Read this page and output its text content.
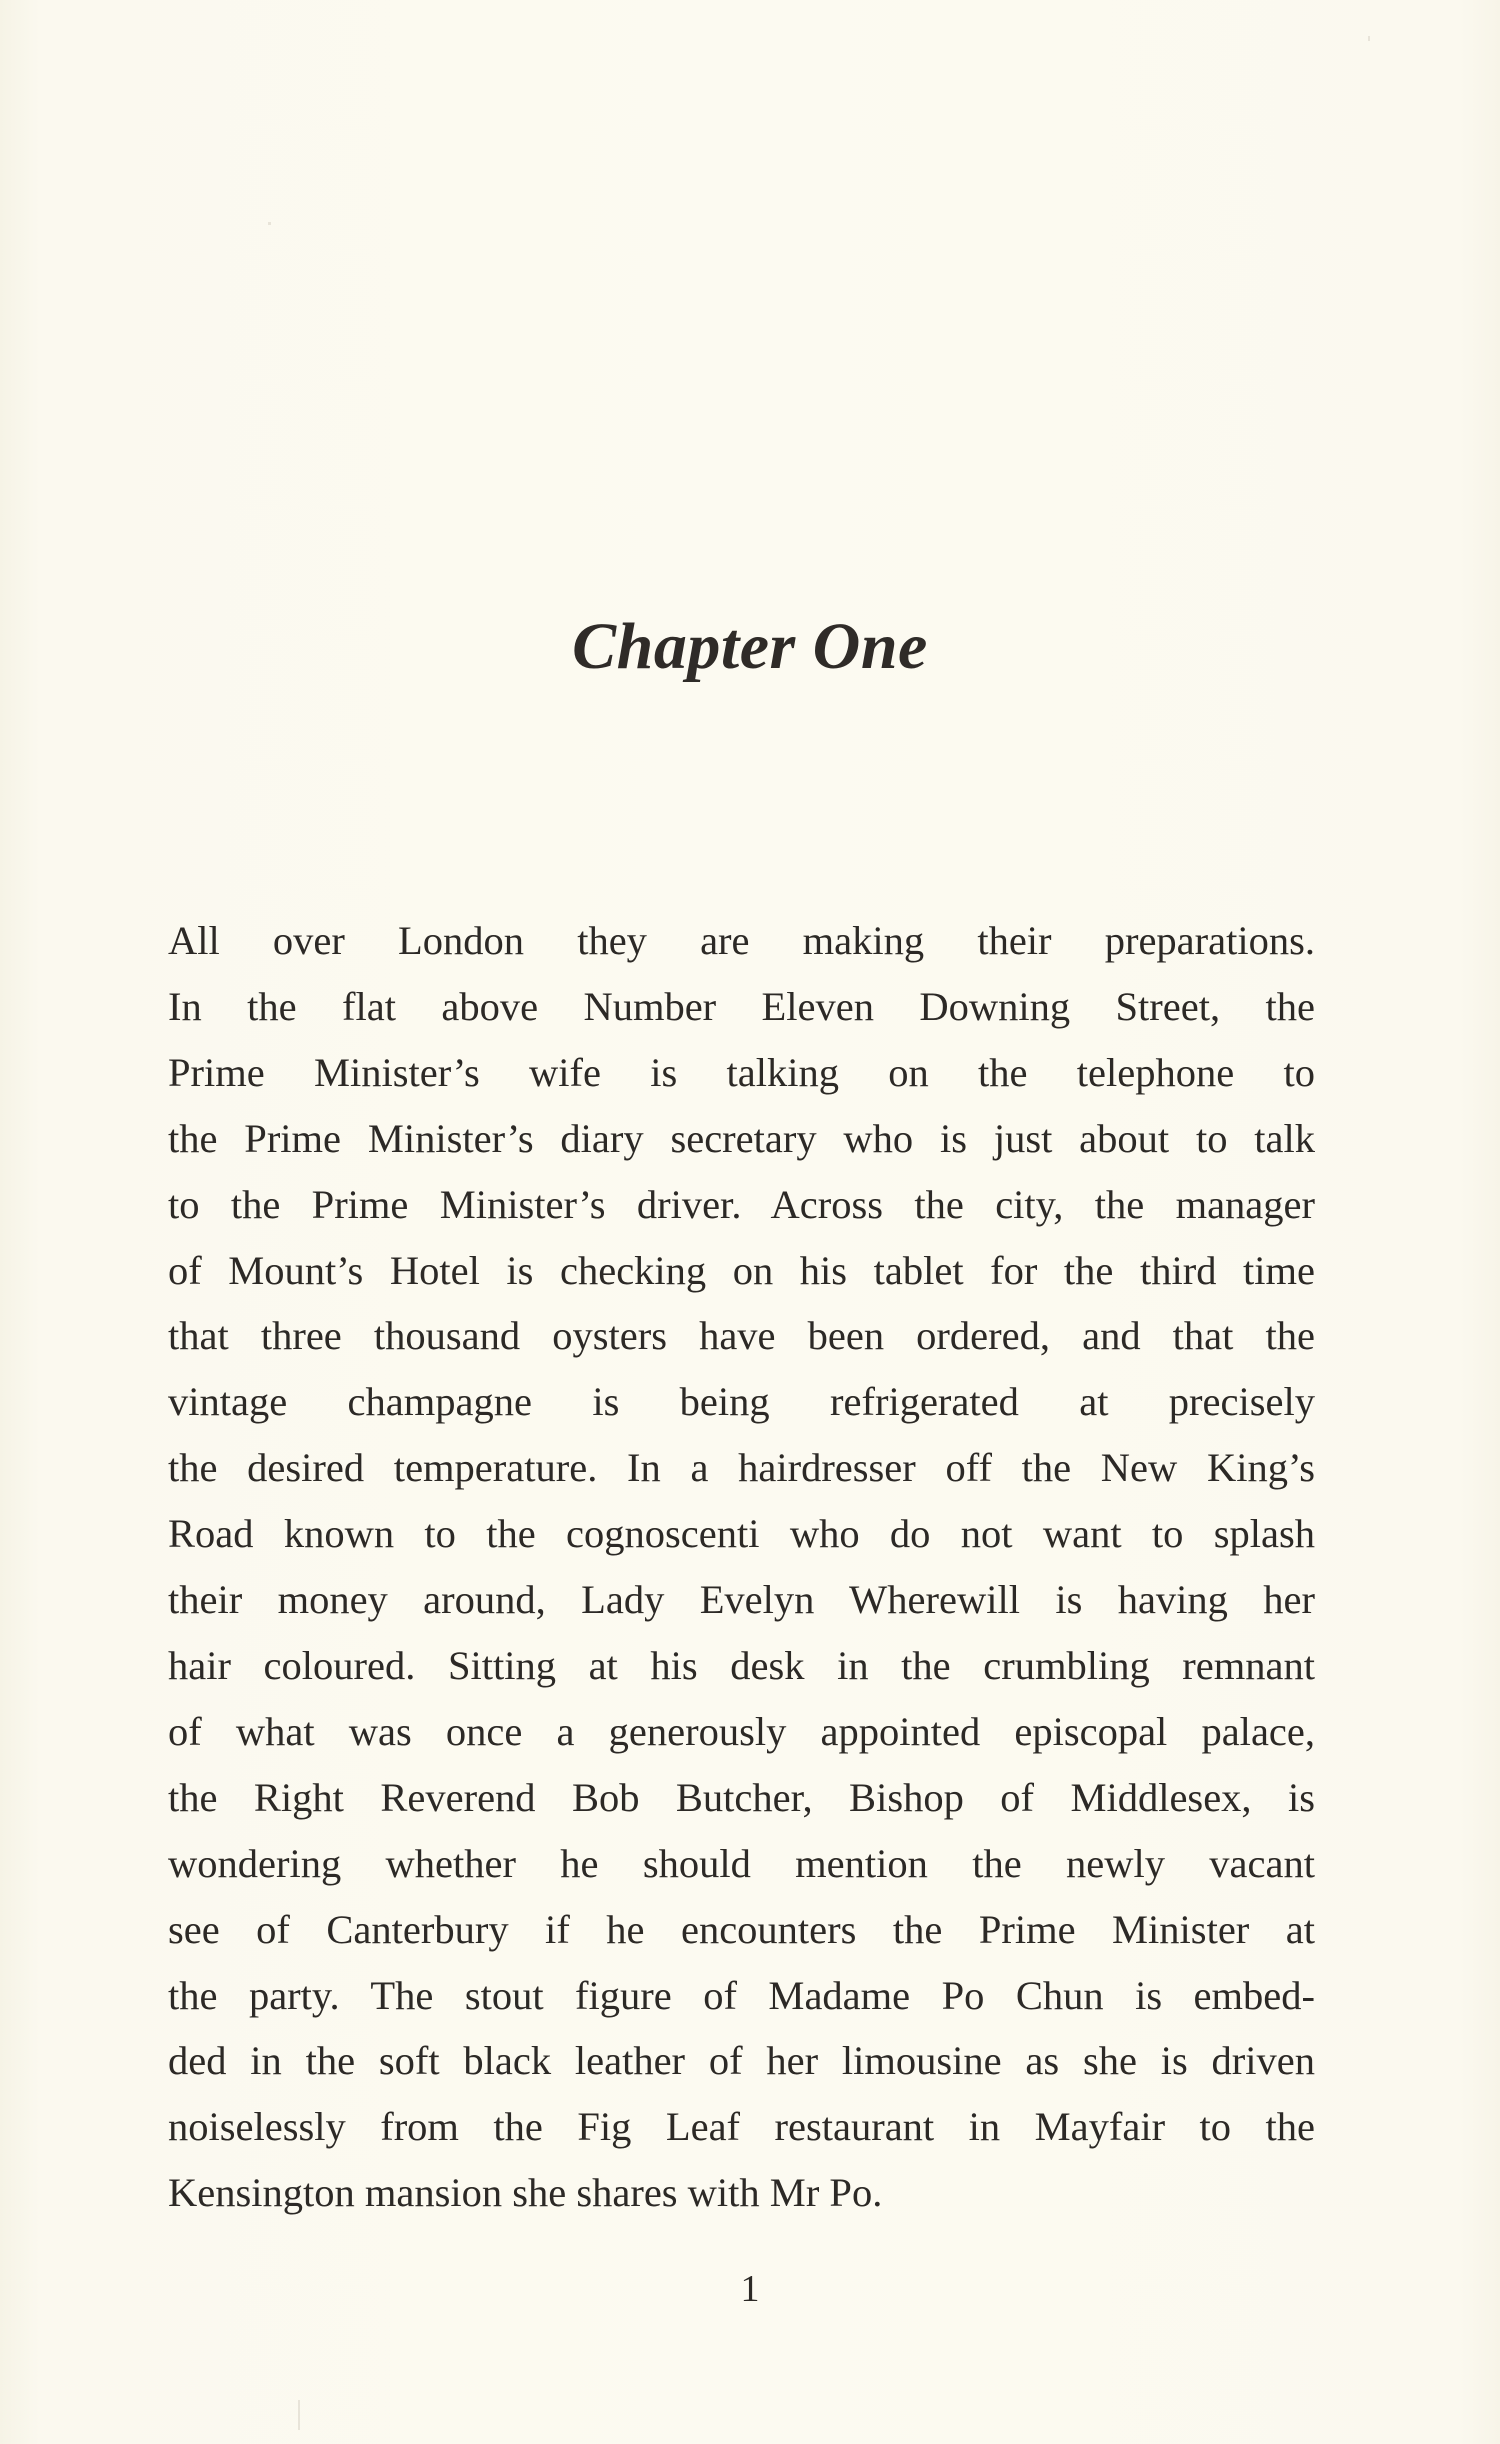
Chapter One

All over London they are making their preparations.
In the flat above Number Eleven Downing Street, the
Prime Minister’s wife is talking on the telephone to
the Prime Minister’s diary secretary who is just about to talk
to the Prime Minister’s driver. Across the city, the manager
of Mount’s Hotel is checking on his tablet for the third time
that three thousand oysters have been ordered, and that the
vintage champagne is being refrigerated at precisely
the desired temperature. In a hairdresser off the New King’s
Road known to the cognoscenti who do not want to splash
their money around, Lady Evelyn Wherewill is having her
hair coloured. Sitting at his desk in the crumbling remnant
of what was once a generously appointed episcopal palace,
the Right Reverend Bob Butcher, Bishop of Middlesex, is
wondering whether he should mention the newly vacant
see of Canterbury if he encounters the Prime Minister at
the party. The stout figure of Madame Po Chun is embed-
ded in the soft black leather of her limousine as she is driven
noiselessly from the Fig Leaf restaurant in Mayfair to the
Kensington mansion she shares with Mr Po.

1
